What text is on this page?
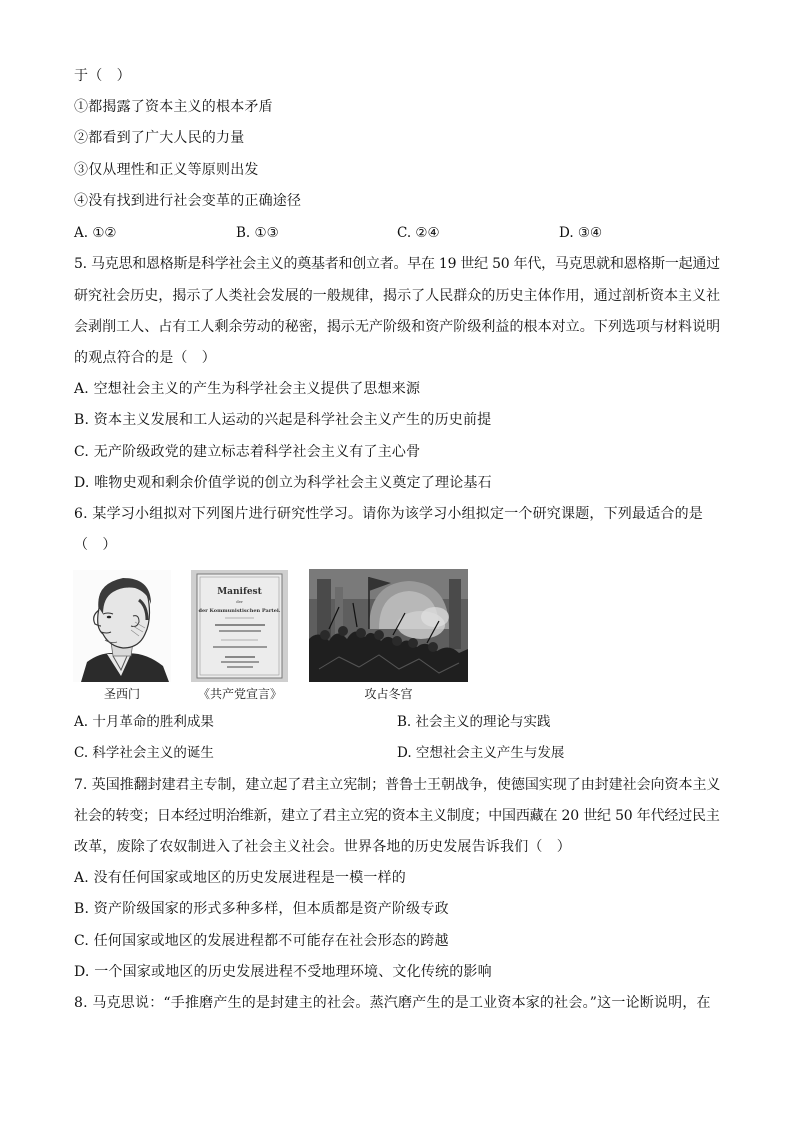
于（　）
①都揭露了资本主义的根本矛盾
②都看到了广大人民的力量
③仅从理性和正义等原则出发
④没有找到进行社会变革的正确途径
A. ①②	B. ①③	C. ②④	D. ③④
5. 马克思和恩格斯是科学社会主义的奠基者和创立者。早在 19 世纪 50 年代，马克思就和恩格斯一起通过
研究社会历史，揭示了人类社会发展的一般规律，揭示了人民群众的历史主体作用，通过剖析资本主义社
会剥削工人、占有工人剩余劳动的秘密，揭示无产阶级和资产阶级利益的根本对立。下列选项与材料说明
的观点符合的是（　）
A. 空想社会主义的产生为科学社会主义提供了思想来源
B. 资本主义发展和工人运动的兴起是科学社会主义产生的历史前提
C. 无产阶级政党的建立标志着科学社会主义有了主心骨
D. 唯物史观和剩余价值学说的创立为科学社会主义奠定了理论基石
6. 某学习小组拟对下列图片进行研究性学习。请你为该学习小组拟定一个研究课题，下列最适合的是
（　）
圣西门
Manifest
der
der Kommunistischen Partei.
《共产党宣言》	攻占冬宫
A. 十月革命的胜利成果	B. 社会主义的理论与实践
C. 科学社会主义的诞生	D. 空想社会主义产生与发展
7. 英国推翻封建君主专制，建立起了君主立宪制；普鲁士王朝战争，使德国实现了由封建社会向资本主义
社会的转变；日本经过明治维新，建立了君主立宪的资本主义制度；中国西藏在 20 世纪 50 年代经过民主
改革，废除了农奴制进入了社会主义社会。世界各地的历史发展告诉我们（　）
A. 没有任何国家或地区的历史发展进程是一模一样的
B. 资产阶级国家的形式多种多样，但本质都是资产阶级专政
C. 任何国家或地区的发展进程都不可能存在社会形态的跨越
D. 一个国家或地区的历史发展进程不受地理环境、文化传统的影响
8. 马克思说：“手推磨产生的是封建主的社会。蒸汽磨产生的是工业资本家的社会。”这一论断说明，在
